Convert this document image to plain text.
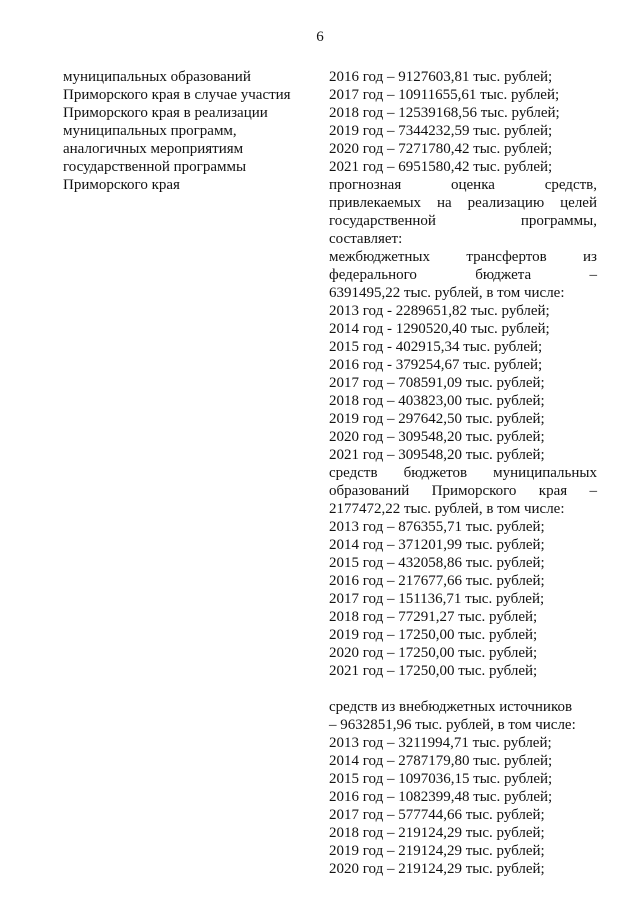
6
муниципальных образований
Приморского края в случае участия
Приморского края в реализации
муниципальных программ,
аналогичных мероприятиям
государственной программы
Приморского края
2016 год – 9127603,81 тыс. рублей;
2017 год – 10911655,61 тыс. рублей;
2018 год – 12539168,56 тыс. рублей;
2019 год – 7344232,59 тыс. рублей;
2020 год – 7271780,42 тыс. рублей;
2021 год – 6951580,42 тыс. рублей;
прогнозная оценка средств,
привлекаемых на реализацию целей
государственной программы,
составляет:
межбюджетных трансфертов из
федерального бюджета –
6391495,22 тыс. рублей, в том числе:
2013 год - 2289651,82 тыс. рублей;
2014 год - 1290520,40 тыс. рублей;
2015 год - 402915,34 тыс. рублей;
2016 год - 379254,67 тыс. рублей;
2017 год – 708591,09 тыс. рублей;
2018 год – 403823,00 тыс. рублей;
2019 год – 297642,50 тыс. рублей;
2020 год – 309548,20 тыс. рублей;
2021 год – 309548,20 тыс. рублей;
средств бюджетов муниципальных
образований Приморского края –
2177472,22 тыс. рублей, в том числе:
2013 год – 876355,71 тыс. рублей;
2014 год – 371201,99 тыс. рублей;
2015 год – 432058,86 тыс. рублей;
2016 год – 217677,66 тыс. рублей;
2017 год – 151136,71 тыс. рублей;
2018 год – 77291,27 тыс. рублей;
2019 год – 17250,00 тыс. рублей;
2020 год – 17250,00 тыс. рублей;
2021 год – 17250,00 тыс. рублей;
средств из внебюджетных источников
– 9632851,96 тыс. рублей, в том числе:
2013 год – 3211994,71 тыс. рублей;
2014 год – 2787179,80 тыс. рублей;
2015 год – 1097036,15 тыс. рублей;
2016 год – 1082399,48 тыс. рублей;
2017 год – 577744,66 тыс. рублей;
2018 год – 219124,29 тыс. рублей;
2019 год – 219124,29 тыс. рублей;
2020 год – 219124,29 тыс. рублей;
